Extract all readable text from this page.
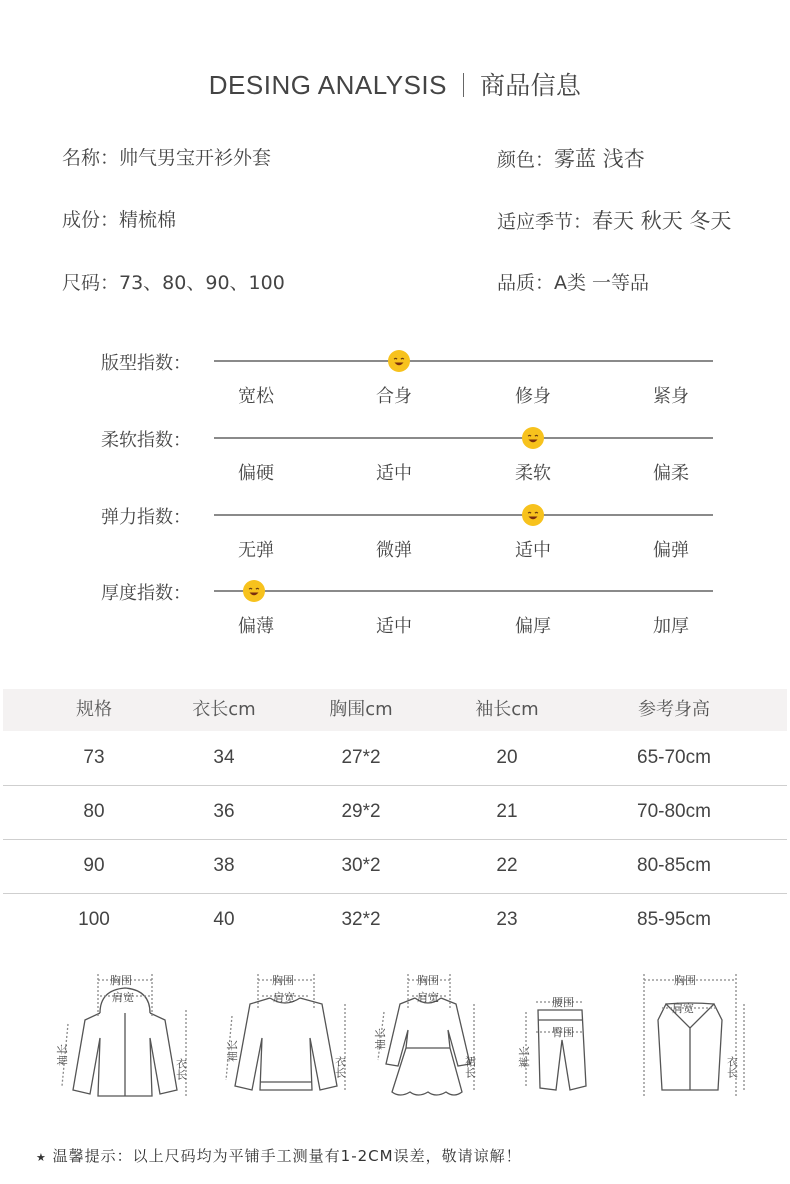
DESING ANALYSIS 商品信息
名称：帅气男宝开衫外套	颜色：雾蓝 浅杏
成份：精梳棉	适应季节：春天 秋天 冬天
尺码：73、80、90、100	品质：A类 一等品
版型指数：
宽松	合身	修身	紧身
柔软指数：
偏硬	适中	柔软	偏柔
弹力指数：
无弹	微弹	适中	偏弹
厚度指数：
偏薄	适中	偏厚	加厚
规格	衣长cm	胸围cm	袖长cm	参考身高
73	34	27*2	20	65-70cm
80	36	29*2	21	70-80cm
90	38	30*2	22	80-85cm
100	40	32*2	23	85-95cm
胸围
肩宽
袖长
衣长
胸围
肩宽
袖长
衣长
胸围
肩宽
袖长
裙长
腰围
臀围
裤长
胸围
肩宽
衣长
★ 温馨提示：以上尺码均为平铺手工测量有1-2CM误差，敬请谅解！
